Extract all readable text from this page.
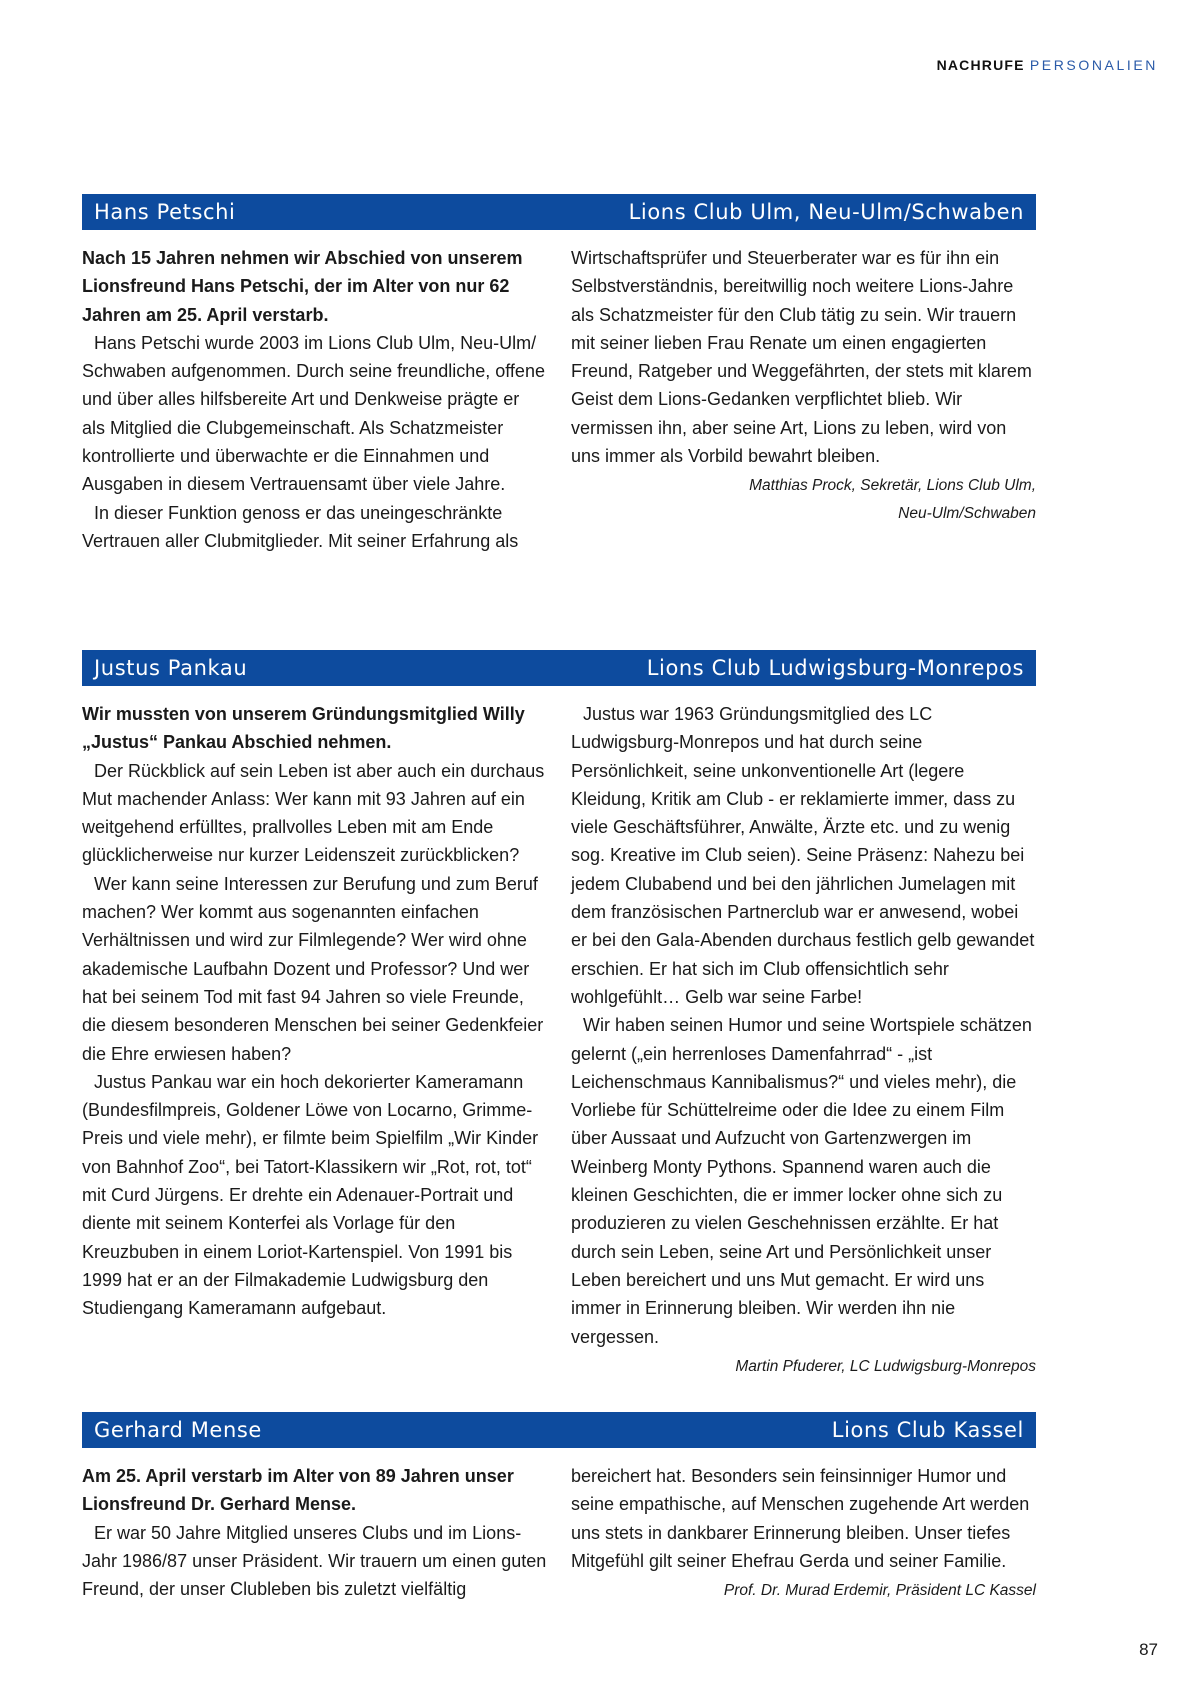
NACHRUFE PERSONALIEN
Hans Petschi	Lions Club Ulm, Neu-Ulm/Schwaben

Nach 15 Jahren nehmen wir Abschied von unserem Lionsfreund Hans Petschi, der im Alter von nur 62 Jahren am 25. April verstarb.

Hans Petschi wurde 2003 im Lions Club Ulm, Neu-Ulm/ Schwaben aufgenommen. Durch seine freundliche, offene und über alles hilfsbereite Art und Denkweise prägte er als Mitglied die Clubgemeinschaft. Als Schatzmeister kontrollierte und überwachte er die Einnahmen und Ausgaben in diesem Vertrauensamt über viele Jahre.

In dieser Funktion genoss er das uneingeschränkte Vertrauen aller Clubmitglieder. Mit seiner Erfahrung als

Wirtschaftsprüfer und Steuerberater war es für ihn ein Selbstverständnis, bereitwillig noch weitere Lions-Jahre als Schatzmeister für den Club tätig zu sein. Wir trauern mit seiner lieben Frau Renate um einen engagierten Freund, Ratgeber und Weggefährten, der stets mit klarem Geist dem Lions-Gedanken verpflichtet blieb. Wir vermissen ihn, aber seine Art, Lions zu leben, wird von uns immer als Vorbild bewahrt bleiben.

Matthias Prock, Sekretär, Lions Club Ulm,
Neu-Ulm/Schwaben

Justus Pankau	Lions Club Ludwigsburg-Monrepos

Wir mussten von unserem Gründungsmitglied Willy „Justus“ Pankau Abschied nehmen.

Der Rückblick auf sein Leben ist aber auch ein durchaus Mut machender Anlass: Wer kann mit 93 Jahren auf ein weitgehend erfülltes, prallvolles Leben mit am Ende glücklicherweise nur kurzer Leidenszeit zurückblicken?

Wer kann seine Interessen zur Berufung und zum Beruf machen? Wer kommt aus sogenannten einfachen Verhältnissen und wird zur Filmlegende? Wer wird ohne akademische Laufbahn Dozent und Professor? Und wer hat bei seinem Tod mit fast 94 Jahren so viele Freunde, die diesem besonderen Menschen bei seiner Gedenkfeier die Ehre erwiesen haben?

Justus Pankau war ein hoch dekorierter Kameramann (Bundesfilmpreis, Goldener Löwe von Locarno, Grimme-Preis und viele mehr), er filmte beim Spielfilm „Wir Kinder von Bahnhof Zoo“, bei Tatort-Klassikern wir „Rot, rot, tot“ mit Curd Jürgens. Er drehte ein Adenauer-Portrait und diente mit seinem Konterfei als Vorlage für den Kreuzbuben in einem Loriot-Kartenspiel. Von 1991 bis 1999 hat er an der Filmakademie Ludwigsburg den Studiengang Kameramann aufgebaut.

Justus war 1963 Gründungsmitglied des LC Ludwigsburg-Monrepos und hat durch seine Persönlichkeit, seine unkonventionelle Art (legere Kleidung, Kritik am Club - er reklamierte immer, dass zu viele Geschäftsführer, Anwälte, Ärzte etc. und zu wenig sog. Kreative im Club seien). Seine Präsenz: Nahezu bei jedem Clubabend und bei den jährlichen Jumelagen mit dem französischen Partnerclub war er anwesend, wobei er bei den Gala-Abenden durchaus festlich gelb gewandet erschien. Er hat sich im Club offensichtlich sehr wohlgefühlt… Gelb war seine Farbe!

Wir haben seinen Humor und seine Wortspiele schätzen gelernt („ein herrenloses Damenfahrrad“ - „ist Leichenschmaus Kannibalismus?“ und vieles mehr), die Vorliebe für Schüttelreime oder die Idee zu einem Film über Aussaat und Aufzucht von Gartenzwergen im Weinberg Monty Pythons. Spannend waren auch die kleinen Geschichten, die er immer locker ohne sich zu produzieren zu vielen Geschehnissen erzählte. Er hat durch sein Leben, seine Art und Persönlichkeit unser Leben bereichert und uns Mut gemacht. Er wird uns immer in Erinnerung bleiben. Wir werden ihn nie vergessen.

Martin Pfuderer, LC Ludwigsburg-Monrepos

Gerhard Mense	Lions Club Kassel

Am 25. April verstarb im Alter von 89 Jahren unser Lionsfreund Dr. Gerhard Mense.

Er war 50 Jahre Mitglied unseres Clubs und im Lions-Jahr 1986/87 unser Präsident. Wir trauern um einen guten Freund, der unser Clubleben bis zuletzt vielfältig

bereichert hat. Besonders sein feinsinniger Humor und seine empathische, auf Menschen zugehende Art werden uns stets in dankbarer Erinnerung bleiben. Unser tiefes Mitgefühl gilt seiner Ehefrau Gerda und seiner Familie.

Prof. Dr. Murad Erdemir, Präsident LC Kassel

87
